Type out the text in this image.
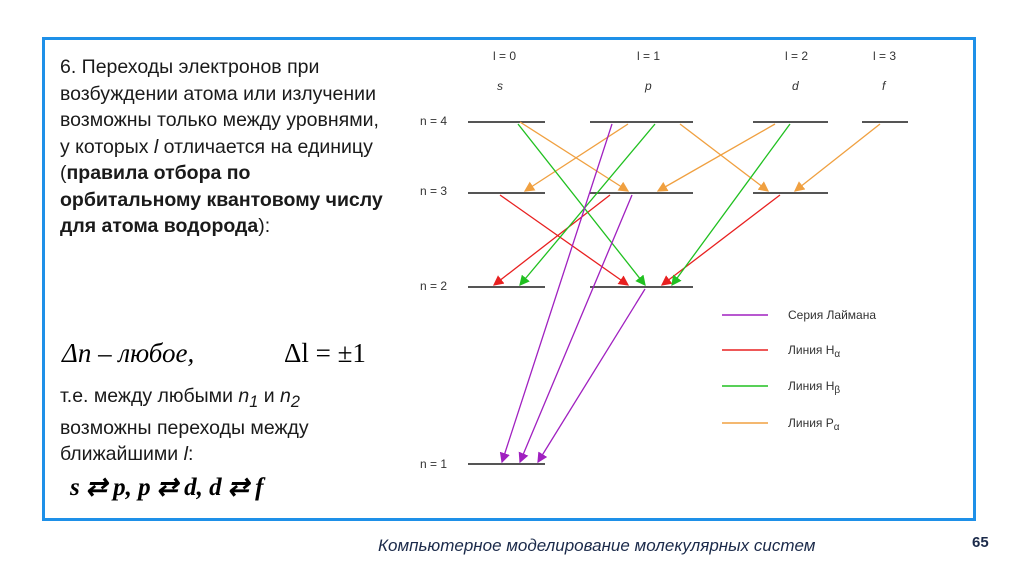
6. Переходы электронов при возбуждении атома или излучении возможны только между уровнями, у которых l отличается на единицу (правила отбора по орбитальному квантовому числу для атома водорода):
Δn – любое,	Δl = ±1
т.е. между любыми $n_1$ и $n_2$ возможны переходы между ближайшими l:
s ⇄ p, p ⇄ d, d ⇄ f
l = 0
s
l = 1
p
l = 2
d
l = 3
f
n = 4
n = 3
n = 2
n = 1
Серия Лаймана
Линия $H_\alpha$
Линия $H_\beta$
Линия $P_\alpha$
Компьютерное моделирование молекулярных систем	65
